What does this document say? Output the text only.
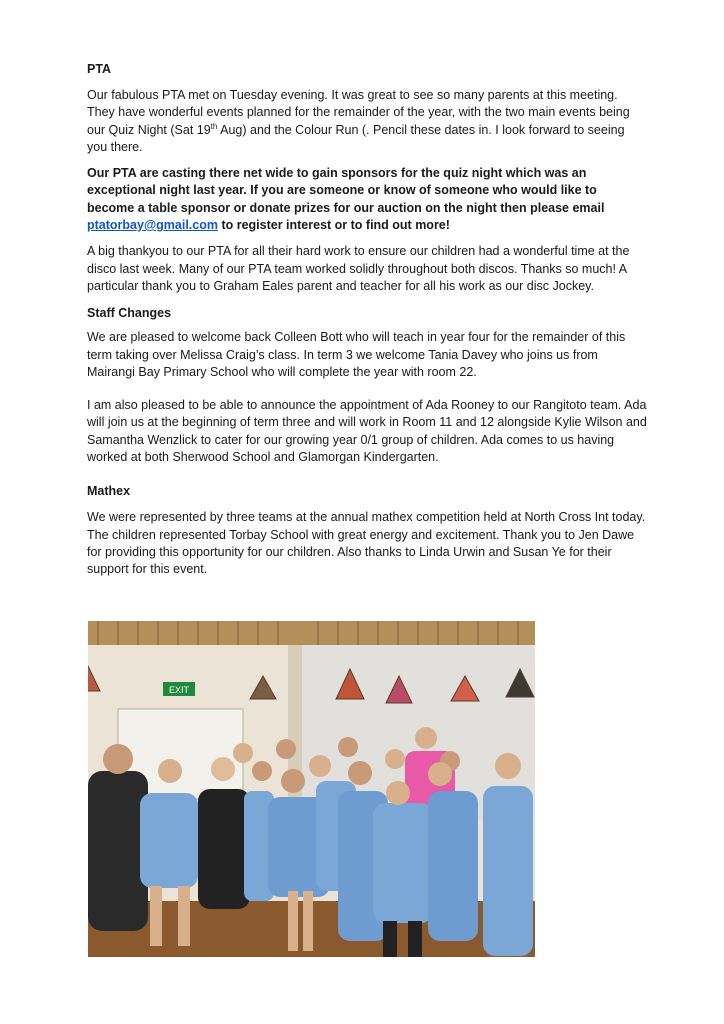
PTA

Our fabulous PTA met on Tuesday evening. It was great to see so many parents at this meeting. They have wonderful events planned for the remainder of the year, with the two main events being our Quiz Night (Sat 19th Aug) and the Colour Run (. Pencil these dates in. I look forward to seeing you there.

Our PTA are casting there net wide to gain sponsors for the quiz night which was an exceptional night last year. If you are someone or know of someone who would like to become a table sponsor or donate prizes for our auction on the night then please email ptatorbay@gmail.com to register interest or to find out more!

A big thankyou to our PTA for all their hard work to ensure our children had a wonderful time at the disco last week. Many of our PTA team worked solidly throughout both discos. Thanks so much! A particular thank you to Graham Eales parent and teacher for all his work as our disc Jockey.

Staff Changes

We are pleased to welcome back Colleen Bott who will teach in year four for the remainder of this term taking over Melissa Craig’s class. In term 3 we welcome Tania Davey who joins us from Mairangi Bay Primary School who will complete the year with room 22.

I am also pleased to be able to announce the appointment of Ada Rooney to our Rangitoto team. Ada will join us at the beginning of term three and will work in Room 11 and 12 alongside Kylie Wilson and Samantha Wenzlick to cater for our growing year 0/1 group of children. Ada comes to us having worked at both Sherwood School and Glamorgan Kindergarten.

Mathex

We were represented by three teams at the annual mathex competition held at North Cross Int today. The children represented Torbay School with great energy and excitement. Thank you to Jen Dawe for providing this opportunity for our children. Also thanks to Linda Urwin and Susan Ye for their support for this event.

EXIT
